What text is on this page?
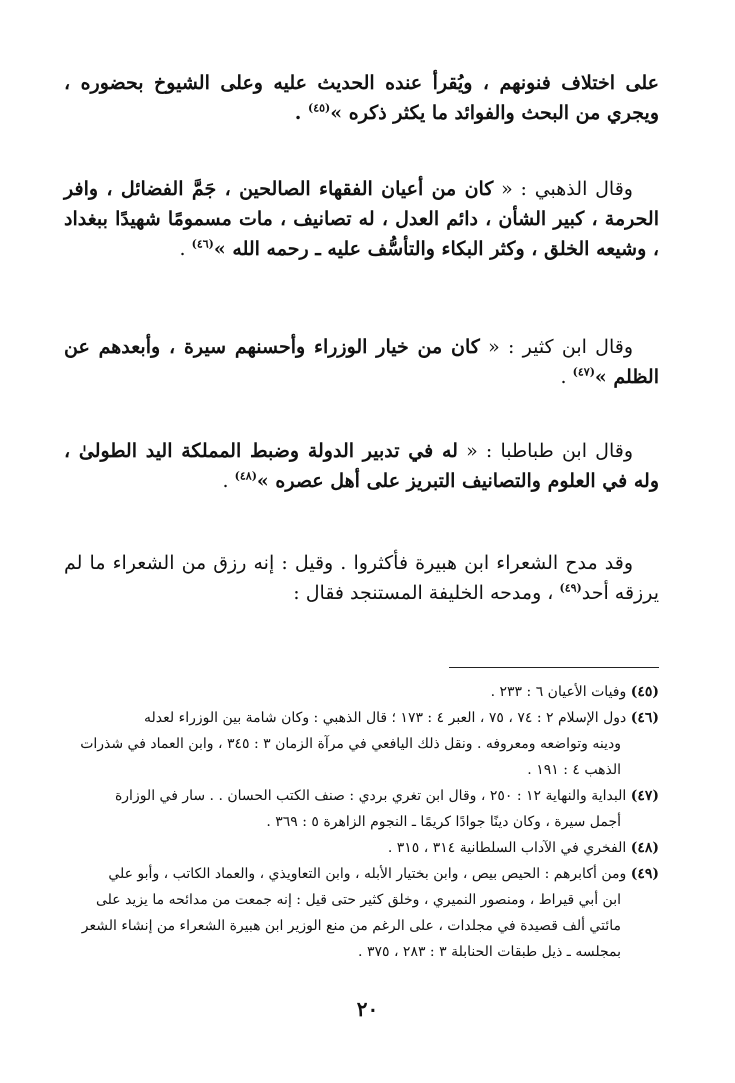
على اختلاف فنونهم ، ويُقرأ عنده الحديث عليه وعلى الشيوخ بحضوره ، ويجري من البحث والفوائد ما يكثر ذكره »$^{(٤٥)}$ .

وقال الذهبي : « كان من أعيان الفقهاء الصالحين ، جَمَّ الفضائل ، وافر الحرمة ، كبير الشأن ، دائم العدل ، له تصانيف ، مات مسمومًا شهيدًا ببغداد ، وشيعه الخلق ، وكثر البكاء والتأسُّف عليه ـ رحمه الله »$^{(٤٦)}$ .

وقال ابن كثير : « كان من خيار الوزراء وأحسنهم سيرة ، وأبعدهم عن الظلم »$^{(٤٧)}$ .

وقال ابن طباطبا : « له في تدبير الدولة وضبط المملكة اليد الطولىٰ ، وله في العلوم والتصانيف التبريز على أهل عصره »$^{(٤٨)}$ .

وقد مدح الشعراء ابن هبيرة فأكثروا . وقيل : إنه رزق من الشعراء ما لم يرزقه أحد$^{(٤٩)}$ ، ومدحه الخليفة المستنجد فقال :

(٤٥) وفيات الأعيان ٦ : ٢٣٣ .

(٤٦) دول الإسلام ٢ : ٧٤ ، ٧٥ ، العبر ٤ : ١٧٣ ؛ قال الذهبي : وكان شامة بين الوزراء لعدله

ودينه وتواضعه ومعروفه . ونقل ذلك اليافعي في مرآة الزمان ٣ : ٣٤٥ ، وابن العماد في شذرات

الذهب ٤ : ١٩١ .

(٤٧) البداية والنهاية ١٢ : ٢٥٠ ، وقال ابن تغري بردي : صنف الكتب الحسان . . سار في الوزارة

أجمل سيرة ، وكان دينًا جوادًا كريمًا ـ النجوم الزاهرة ٥ : ٣٦٩ .

(٤٨) الفخري في الآداب السلطانية ٣١٤ ، ٣١٥ .

(٤٩) ومن أكابرهم : الحيص بيص ، وابن بختيار الأبله ، وابن التعاويذي ، والعماد الكاتب ، وأبو علي

ابن أبي قيراط ، ومنصور النميري ، وخلق كثير حتى قيل : إنه جمعت من مدائحه ما يزيد على

مائتي ألف قصيدة في مجلدات ، على الرغم من منع الوزير ابن هبيرة الشعراء من إنشاء الشعر

بمجلسه ـ ذيل طبقات الحنابلة ٣ : ٢٨٣ ، ٣٧٥ .

٢٠
